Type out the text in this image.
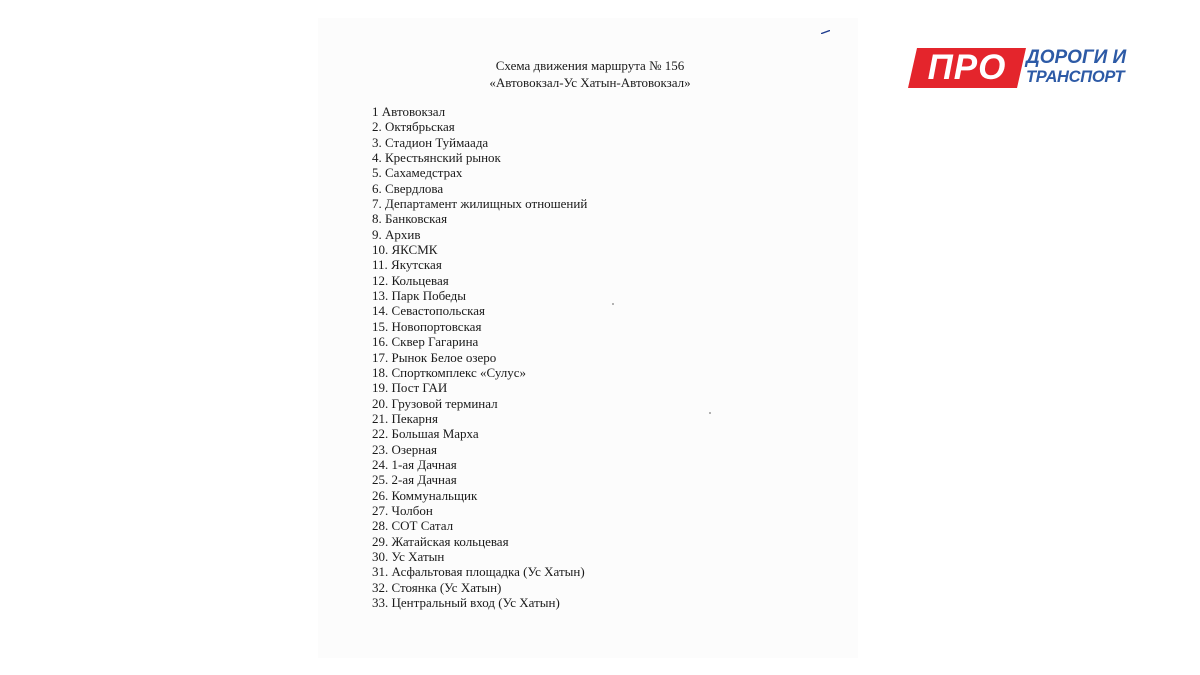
Схема движения маршрута № 156
«Автовокзал-Ус Хатын-Автовокзал»
1 Автовокзал
2. Октябрьская
3. Стадион Туймаада
4. Крестьянский рынок
5. Сахамедстрах
6. Свердлова
7. Департамент жилищных отношений
8. Банковская
9. Архив
10. ЯКСМК
11. Якутская
12. Кольцевая
13. Парк Победы
14. Севастопольская
15. Новопортовская
16. Сквер Гагарина
17. Рынок Белое озеро
18. Спорткомплекс «Сулус»
19. Пост ГАИ
20. Грузовой терминал
21. Пекарня
22. Большая Марха
23. Озерная
24. 1-ая Дачная
25. 2-ая Дачная
26. Коммунальщик
27. Чолбон
28. СОТ Сатал
29. Жатайская кольцевая
30. Ус Хатын
31. Асфальтовая площадка (Ус Хатын)
32. Стоянка (Ус Хатын)
33. Центральный вход (Ус Хатын)
ПРО	ДОРОГИ И
ТРАНСПОРТ
